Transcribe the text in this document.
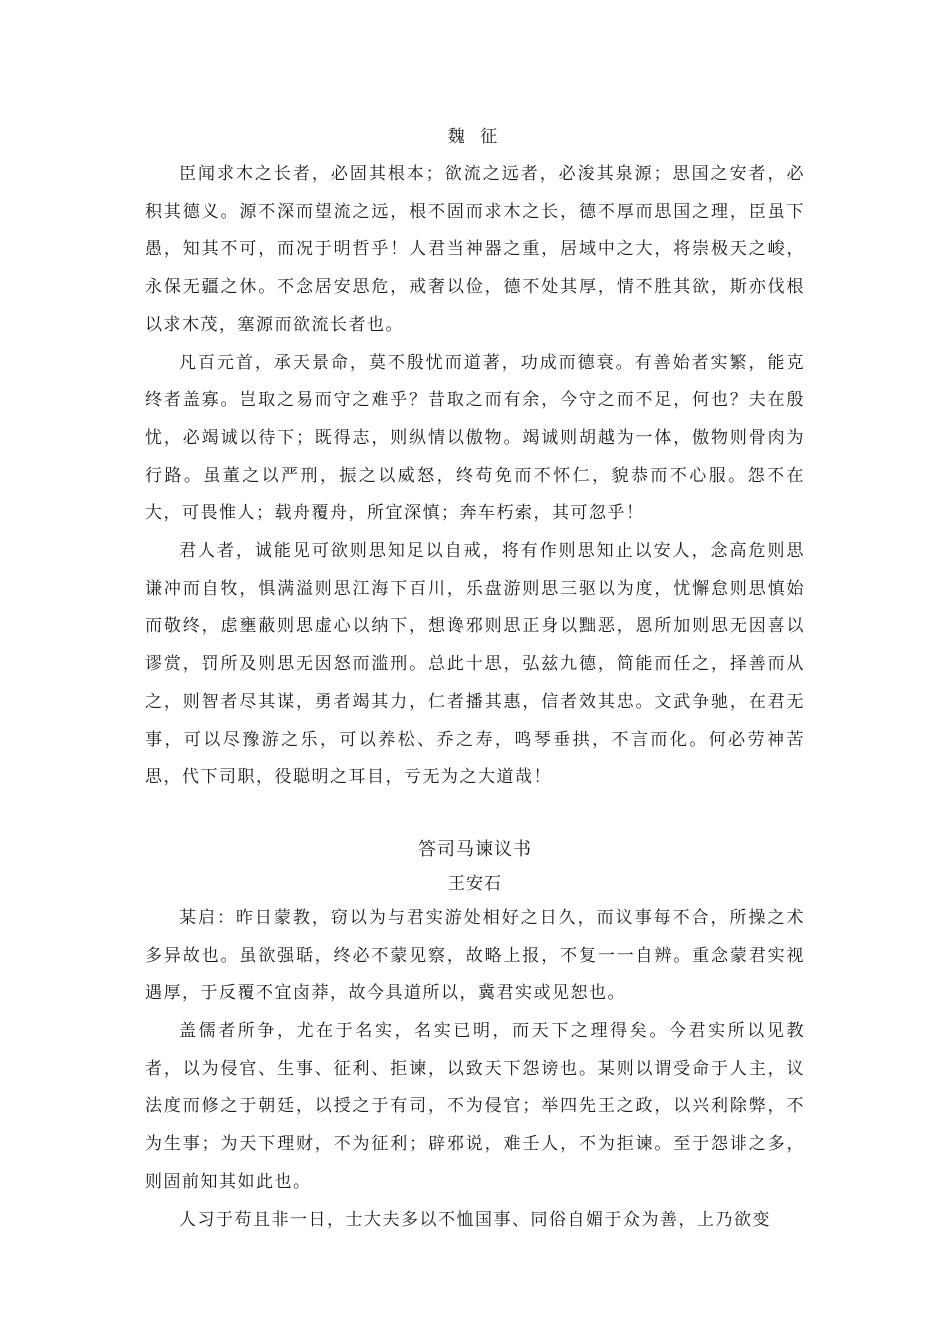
魏 征

臣闻求木之长者，必固其根本；欲流之远者，必浚其泉源；思国之安者，必积其德义。源不深而望流之远，根不固而求木之长，德不厚而思国之理，臣虽下愚，知其不可，而况于明哲乎！人君当神器之重，居域中之大，将崇极天之峻，永保无疆之休。不念居安思危，戒奢以俭，德不处其厚，情不胜其欲，斯亦伐根以求木茂，塞源而欲流长者也。

凡百元首，承天景命，莫不殷忧而道著，功成而德衰。有善始者实繁，能克终者盖寡。岂取之易而守之难乎？昔取之而有余，今守之而不足，何也？夫在殷忧，必竭诚以待下；既得志，则纵情以傲物。竭诚则胡越为一体，傲物则骨肉为行路。虽董之以严刑，振之以威怒，终苟免而不怀仁，貌恭而不心服。怨不在大，可畏惟人；载舟覆舟，所宜深慎；奔车朽索，其可忽乎！

君人者，诚能见可欲则思知足以自戒，将有作则思知止以安人，念高危则思谦冲而自牧，惧满溢则思江海下百川，乐盘游则思三驱以为度，忧懈怠则思慎始而敬终，虑壅蔽则思虚心以纳下，想谗邪则思正身以黜恶，恩所加则思无因喜以谬赏，罚所及则思无因怒而滥刑。总此十思，弘兹九德，简能而任之，择善而从之，则智者尽其谋，勇者竭其力，仁者播其惠，信者效其忠。文武争驰，在君无事，可以尽豫游之乐，可以养松、乔之寿，鸣琴垂拱，不言而化。何必劳神苦思，代下司职，役聪明之耳目，亏无为之大道哉！

答司马谏议书
王安石

某启：昨日蒙教，窃以为与君实游处相好之日久，而议事每不合，所操之术多异故也。虽欲强聒，终必不蒙见察，故略上报，不复一一自辨。重念蒙君实视遇厚，于反覆不宜卤莽，故今具道所以，冀君实或见恕也。

盖儒者所争，尤在于名实，名实已明，而天下之理得矣。今君实所以见教者，以为侵官、生事、征利、拒谏，以致天下怨谤也。某则以谓受命于人主，议法度而修之于朝廷，以授之于有司，不为侵官；举四先王之政，以兴利除弊，不为生事；为天下理财，不为征利；辟邪说，难壬人，不为拒谏。至于怨诽之多，则固前知其如此也。

人习于苟且非一日，士大夫多以不恤国事、同俗自媚于众为善，上乃欲变
